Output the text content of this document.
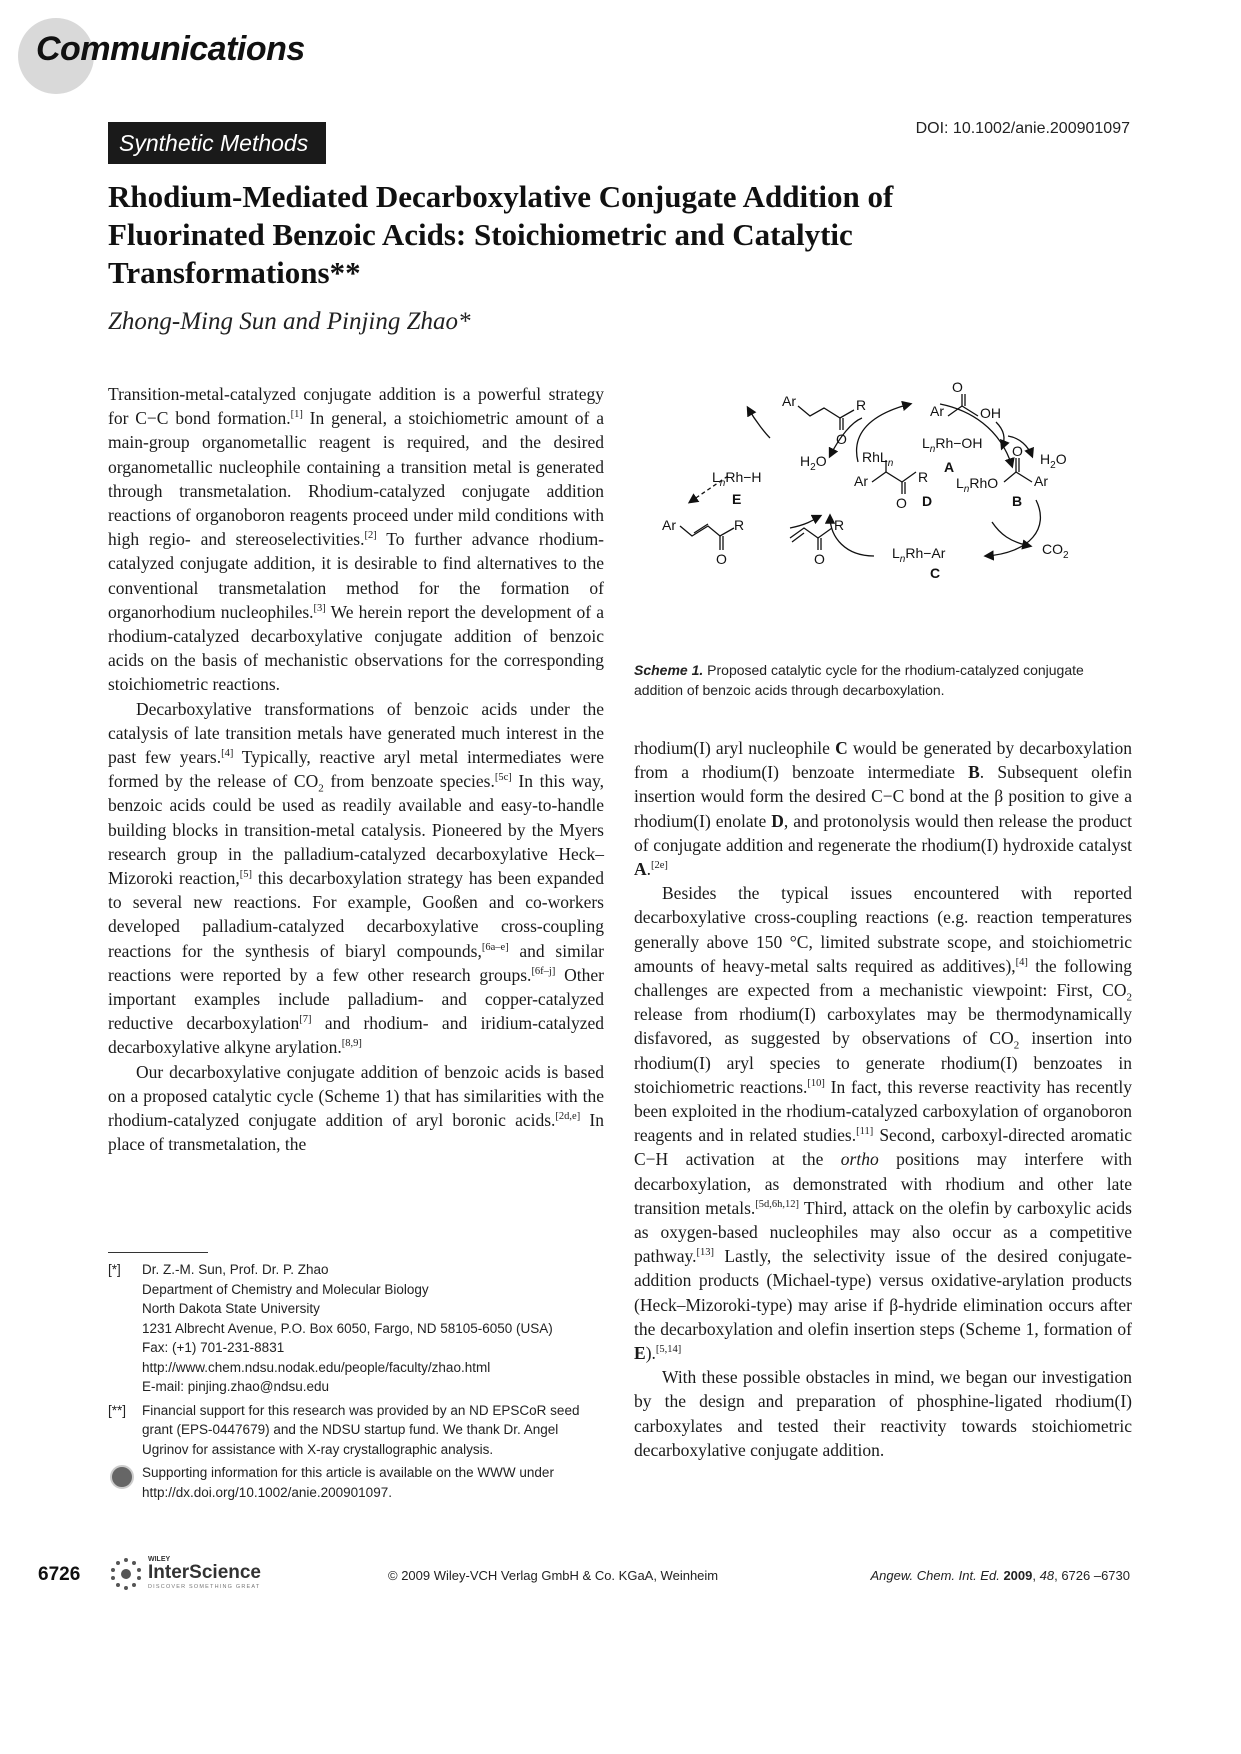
Communications
Synthetic Methods
DOI: 10.1002/anie.200901097
Rhodium-Mediated Decarboxylative Conjugate Addition of Fluorinated Benzoic Acids: Stoichiometric and Catalytic Transformations**
Zhong-Ming Sun and Pinjing Zhao*

Transition-metal-catalyzed conjugate addition is a powerful strategy for C−C bond formation.[1] In general, a stoichiometric amount of a main-group organometallic reagent is required, and the desired organometallic nucleophile containing a transition metal is generated through transmetalation. Rhodium-catalyzed conjugate addition reactions of organoboron reagents proceed under mild conditions with high regio- and stereoselectivities.[2] To further advance rhodium-catalyzed conjugate addition, it is desirable to find alternatives to the conventional transmetalation method for the formation of organorhodium nucleophiles.[3] We herein report the development of a rhodium-catalyzed decarboxylative conjugate addition of benzoic acids on the basis of mechanistic observations for the corresponding stoichiometric reactions.

Decarboxylative transformations of benzoic acids under the catalysis of late transition metals have generated much interest in the past few years.[4] Typically, reactive aryl metal intermediates were formed by the release of $CO_2$ from benzoate species.[5c] In this way, benzoic acids could be used as readily available and easy-to-handle building blocks in transition-metal catalysis. Pioneered by the Myers research group in the palladium-catalyzed decarboxylative Heck–Mizoroki reaction,[5] this decarboxylation strategy has been expanded to several new reactions. For example, Gooßen and co-workers developed palladium-catalyzed decarboxylative cross-coupling reactions for the synthesis of biaryl compounds,[6a–e] and similar reactions were reported by a few other research groups.[6f–j] Other important examples include palladium- and copper-catalyzed reductive decarboxylation[7] and rhodium- and iridium-catalyzed decarboxylative alkyne arylation.[8,9]

Our decarboxylative conjugate addition of benzoic acids is based on a proposed catalytic cycle (Scheme 1) that has similarities with the rhodium-catalyzed conjugate addition of aryl boronic acids.[2d,e] In place of transmetalation, the

Ar	R
O	$L_nRh-OH$
A
O
Ar	OH
$H_2O$
$H_2O$
$L_nRh-H$
E
RhL$_n$
Ar	R
O D
$L_nRhO$
O
Ar
B
Ar	R
O
R
O	$L_nRh-Ar$
C
$CO_2$
Scheme 1. Proposed catalytic cycle for the rhodium-catalyzed conjugate addition of benzoic acids through decarboxylation.

rhodium(I) aryl nucleophile C would be generated by decarboxylation from a rhodium(I) benzoate intermediate B. Subsequent olefin insertion would form the desired C−C bond at the β position to give a rhodium(I) enolate D, and protonolysis would then release the product of conjugate addition and regenerate the rhodium(I) hydroxide catalyst A.[2e]

Besides the typical issues encountered with reported decarboxylative cross-coupling reactions (e.g. reaction temperatures generally above 150 °C, limited substrate scope, and stoichiometric amounts of heavy-metal salts required as additives),[4] the following challenges are expected from a mechanistic viewpoint: First, $CO_2$ release from rhodium(I) carboxylates may be thermodynamically disfavored, as suggested by observations of $CO_2$ insertion into rhodium(I) aryl species to generate rhodium(I) benzoates in stoichiometric reactions.[10] In fact, this reverse reactivity has recently been exploited in the rhodium-catalyzed carboxylation of organoboron reagents and in related studies.[11] Second, carboxyl-directed aromatic C−H activation at the ortho positions may interfere with decarboxylation, as demonstrated with rhodium and other late transition metals.[5d,6h,12] Third, attack on the olefin by carboxylic acids as oxygen-based nucleophiles may also occur as a competitive pathway.[13] Lastly, the selectivity issue of the desired conjugate-addition products (Michael-type) versus oxidative-arylation products (Heck–Mizoroki-type) may arise if β-hydride elimination occurs after the decarboxylation and olefin insertion steps (Scheme 1, formation of E).[5,14]

With these possible obstacles in mind, we began our investigation by the design and preparation of phosphine-ligated rhodium(I) carboxylates and tested their reactivity towards stoichiometric decarboxylative conjugate addition.

[*] Dr. Z.-M. Sun, Prof. Dr. P. Zhao
Department of Chemistry and Molecular Biology
North Dakota State University
1231 Albrecht Avenue, P.O. Box 6050, Fargo, ND 58105-6050 (USA)
Fax: (+1) 701-231-8831
http://www.chem.ndsu.nodak.edu/people/faculty/zhao.html
E-mail: pinjing.zhao@ndsu.edu
[**] Financial support for this research was provided by an ND EPSCoR seed grant (EPS-0447679) and the NDSU startup fund. We thank Dr. Angel Ugrinov for assistance with X-ray crystallographic analysis.
Supporting information for this article is available on the WWW under http://dx.doi.org/10.1002/anie.200901097.
6726
WILEY
InterScience
DISCOVER SOMETHING GREAT
© 2009 Wiley-VCH Verlag GmbH & Co. KGaA, Weinheim	Angew. Chem. Int. Ed. 2009, 48, 6726 –6730
